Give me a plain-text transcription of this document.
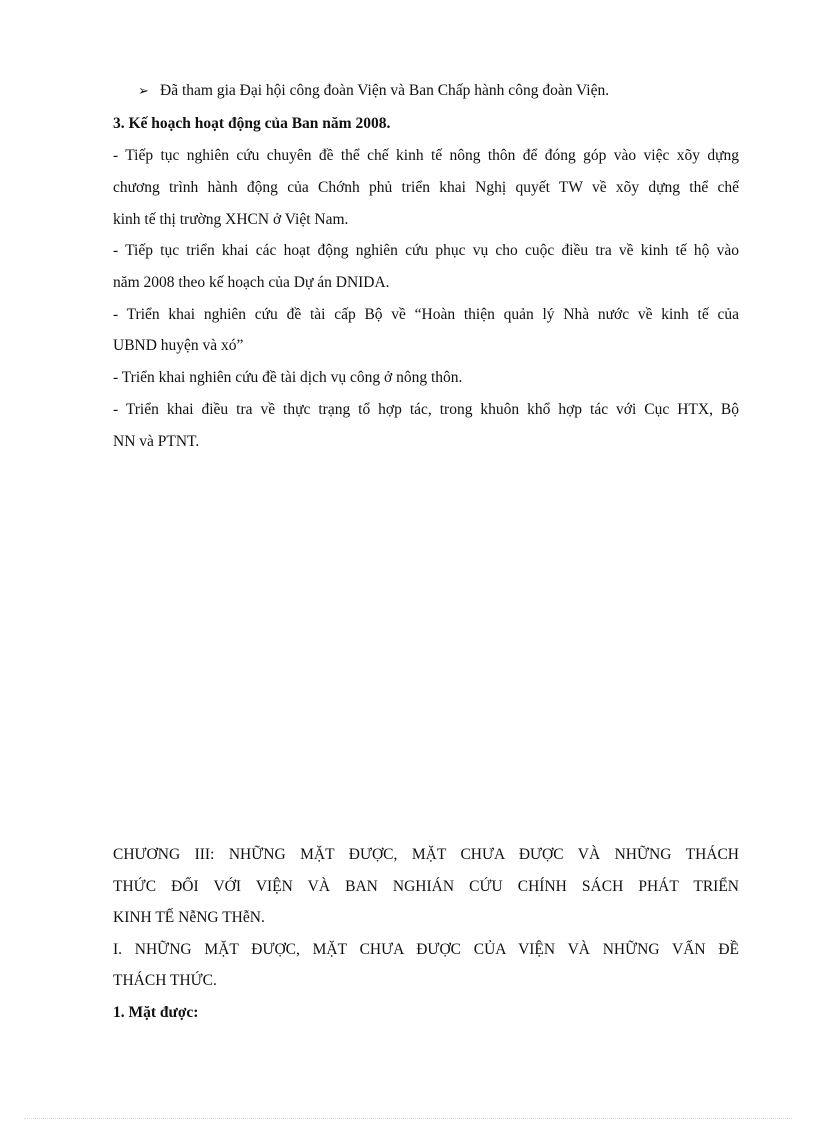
➢ Đã tham gia Đại hội công đoàn Viện và Ban Chấp hành công đoàn Viện.
3. Kế hoạch hoạt động của Ban năm 2008.
- Tiếp tục nghiên cứu chuyên đề thể chế kinh tế nông thôn để đóng góp vào việc xõy dựng
chương trình hành động của Chớnh phủ triển khai Nghị quyết TW về xõy dựng thể chế
kinh tế thị trường XHCN ở Việt Nam.
- Tiếp tục triển khai các hoạt động nghiên cứu phục vụ cho cuộc điều tra về kinh tế hộ vào
năm 2008 theo kế hoạch của Dự án DNIDA.
- Triển khai nghiên cứu đề tài cấp Bộ về “Hoàn thiện quản lý Nhà nước về kinh tế của
UBND huyện và xó”
- Triển khai nghiên cứu đề tài dịch vụ công ở nông thôn.
- Triển khai điều tra về thực trạng tổ hợp tác, trong khuôn khổ hợp tác với Cục HTX, Bộ
NN và PTNT.
CHƯƠNG III: NHỮNG MẶT ĐƯỢC, MẶT CHƯA ĐƯỢC VÀ NHỮNG THÁCH
THỨC ĐỐI VỚI VIỆN VÀ BAN NGHIÁN CỨU CHÍNH SÁCH PHÁT TRIỂN
KINH TẾ NễNG THễN.
I. NHỮNG MẶT ĐƯỢC, MẶT CHƯA ĐƯỢC CỦA VIỆN VÀ NHỮNG VẤN ĐỀ
THÁCH THỨC.
1. Mặt được:
